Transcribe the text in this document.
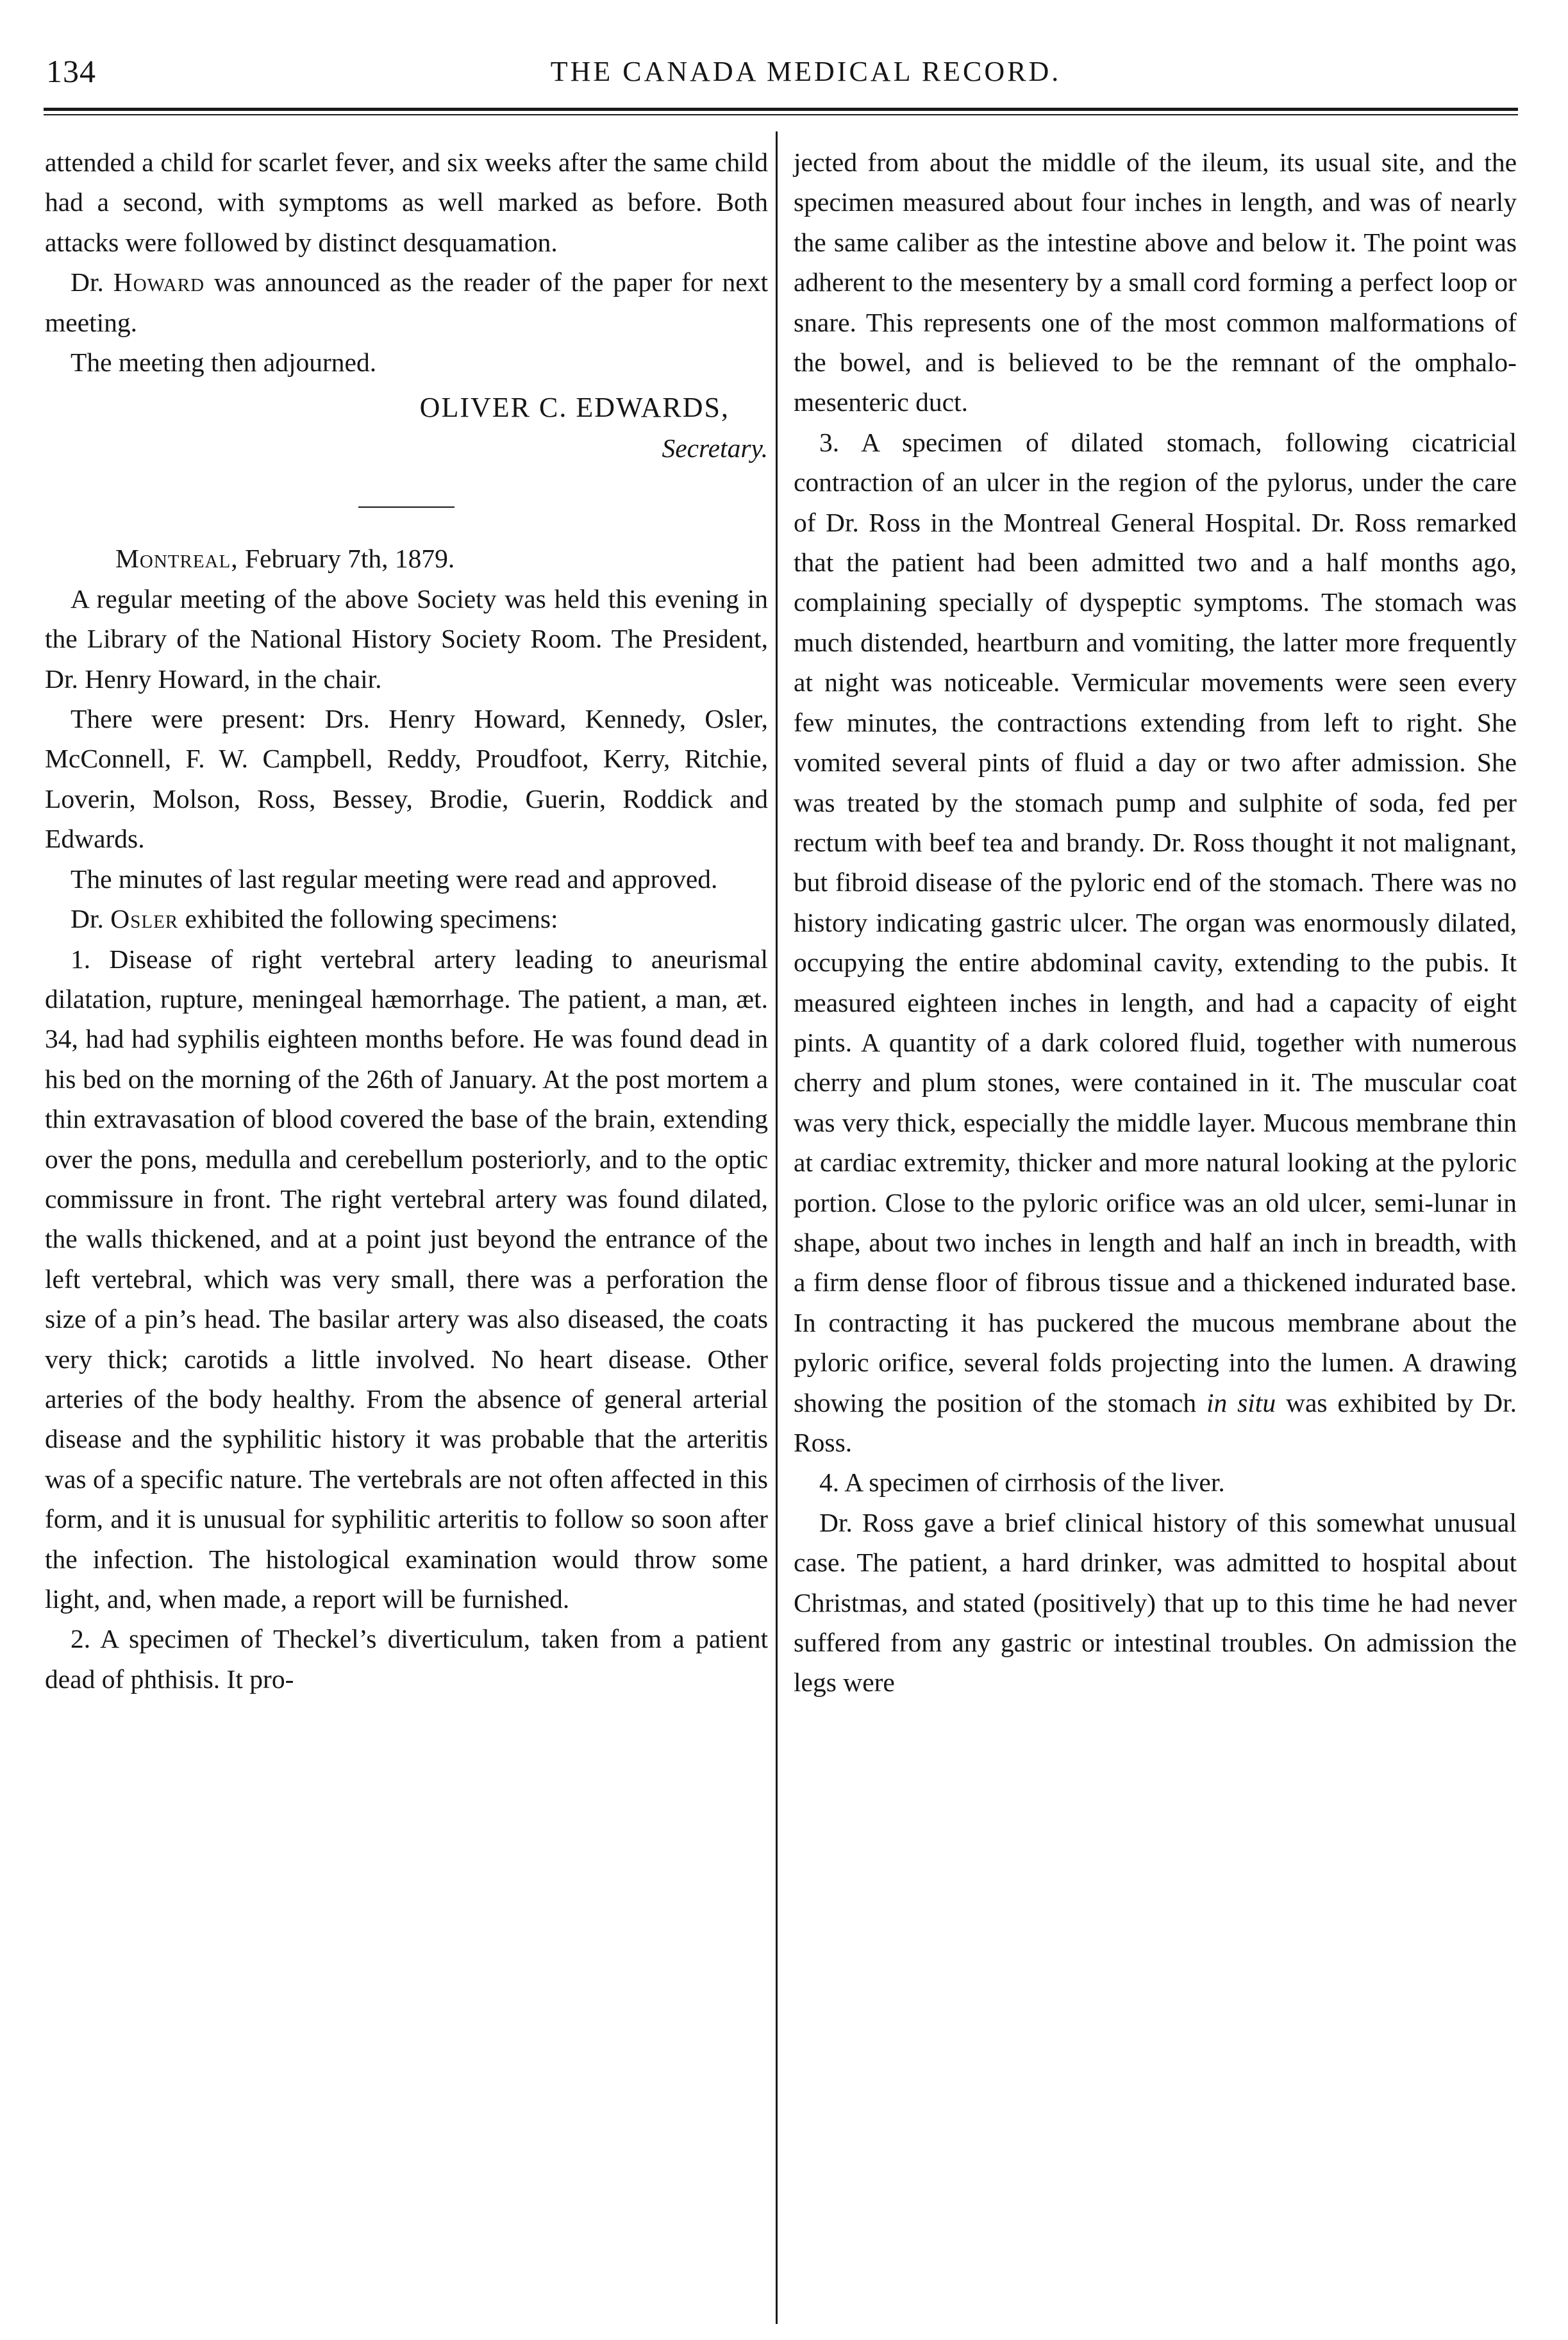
134	THE CANADA MEDICAL RECORD.

attended a child for scarlet fever, and six weeks after the same child had a second, with symptoms as well marked as before. Both attacks were followed by distinct desquamation.

Dr. Howard was announced as the reader of the paper for next meeting.

The meeting then adjourned.

OLIVER C. EDWARDS,
Secretary.

Montreal, February 7th, 1879.

A regular meeting of the above Society was held this evening in the Library of the National History Society Room. The President, Dr. Henry Howard, in the chair.

There were present: Drs. Henry Howard, Kennedy, Osler, McConnell, F. W. Campbell, Reddy, Proudfoot, Kerry, Ritchie, Loverin, Molson, Ross, Bessey, Brodie, Guerin, Roddick and Edwards.

The minutes of last regular meeting were read and approved.

Dr. Osler exhibited the following specimens:

1. Disease of right vertebral artery leading to aneurismal dilatation, rupture, meningeal hæmorrhage. The patient, a man, æt. 34, had had syphilis eighteen months before. He was found dead in his bed on the morning of the 26th of January. At the post mortem a thin extravasation of blood covered the base of the brain, extending over the pons, medulla and cerebellum posteriorly, and to the optic commissure in front. The right vertebral artery was found dilated, the walls thickened, and at a point just beyond the entrance of the left vertebral, which was very small, there was a perforation the size of a pin’s head. The basilar artery was also diseased, the coats very thick; carotids a little involved. No heart disease. Other arteries of the body healthy. From the absence of general arterial disease and the syphilitic history it was probable that the arteritis was of a specific nature. The vertebrals are not often affected in this form, and it is unusual for syphilitic arteritis to follow so soon after the infection. The histological examination would throw some light, and, when made, a report will be furnished.

2. A specimen of Theckel’s diverticulum, taken from a patient dead of phthisis. It pro-

jected from about the middle of the ileum, its usual site, and the specimen measured about four inches in length, and was of nearly the same caliber as the intestine above and below it. The point was adherent to the mesentery by a small cord forming a perfect loop or snare. This represents one of the most common malformations of the bowel, and is believed to be the remnant of the omphalo-mesenteric duct.

3. A specimen of dilated stomach, following cicatricial contraction of an ulcer in the region of the pylorus, under the care of Dr. Ross in the Montreal General Hospital. Dr. Ross remarked that the patient had been admitted two and a half months ago, complaining specially of dyspeptic symptoms. The stomach was much distended, heartburn and vomiting, the latter more frequently at night was noticeable. Vermicular movements were seen every few minutes, the contractions extending from left to right. She vomited several pints of fluid a day or two after admission. She was treated by the stomach pump and sulphite of soda, fed per rectum with beef tea and brandy. Dr. Ross thought it not malignant, but fibroid disease of the pyloric end of the stomach. There was no history indicating gastric ulcer. The organ was enormously dilated, occupying the entire abdominal cavity, extending to the pubis. It measured eighteen inches in length, and had a capacity of eight pints. A quantity of a dark colored fluid, together with numerous cherry and plum stones, were contained in it. The muscular coat was very thick, especially the middle layer. Mucous membrane thin at cardiac extremity, thicker and more natural looking at the pyloric portion. Close to the pyloric orifice was an old ulcer, semi-lunar in shape, about two inches in length and half an inch in breadth, with a firm dense floor of fibrous tissue and a thickened indurated base. In contracting it has puckered the mucous membrane about the pyloric orifice, several folds projecting into the lumen. A drawing showing the position of the stomach in situ was exhibited by Dr. Ross.

4. A specimen of cirrhosis of the liver.

Dr. Ross gave a brief clinical history of this somewhat unusual case. The patient, a hard drinker, was admitted to hospital about Christmas, and stated (positively) that up to this time he had never suffered from any gastric or intestinal troubles. On admission the legs were
